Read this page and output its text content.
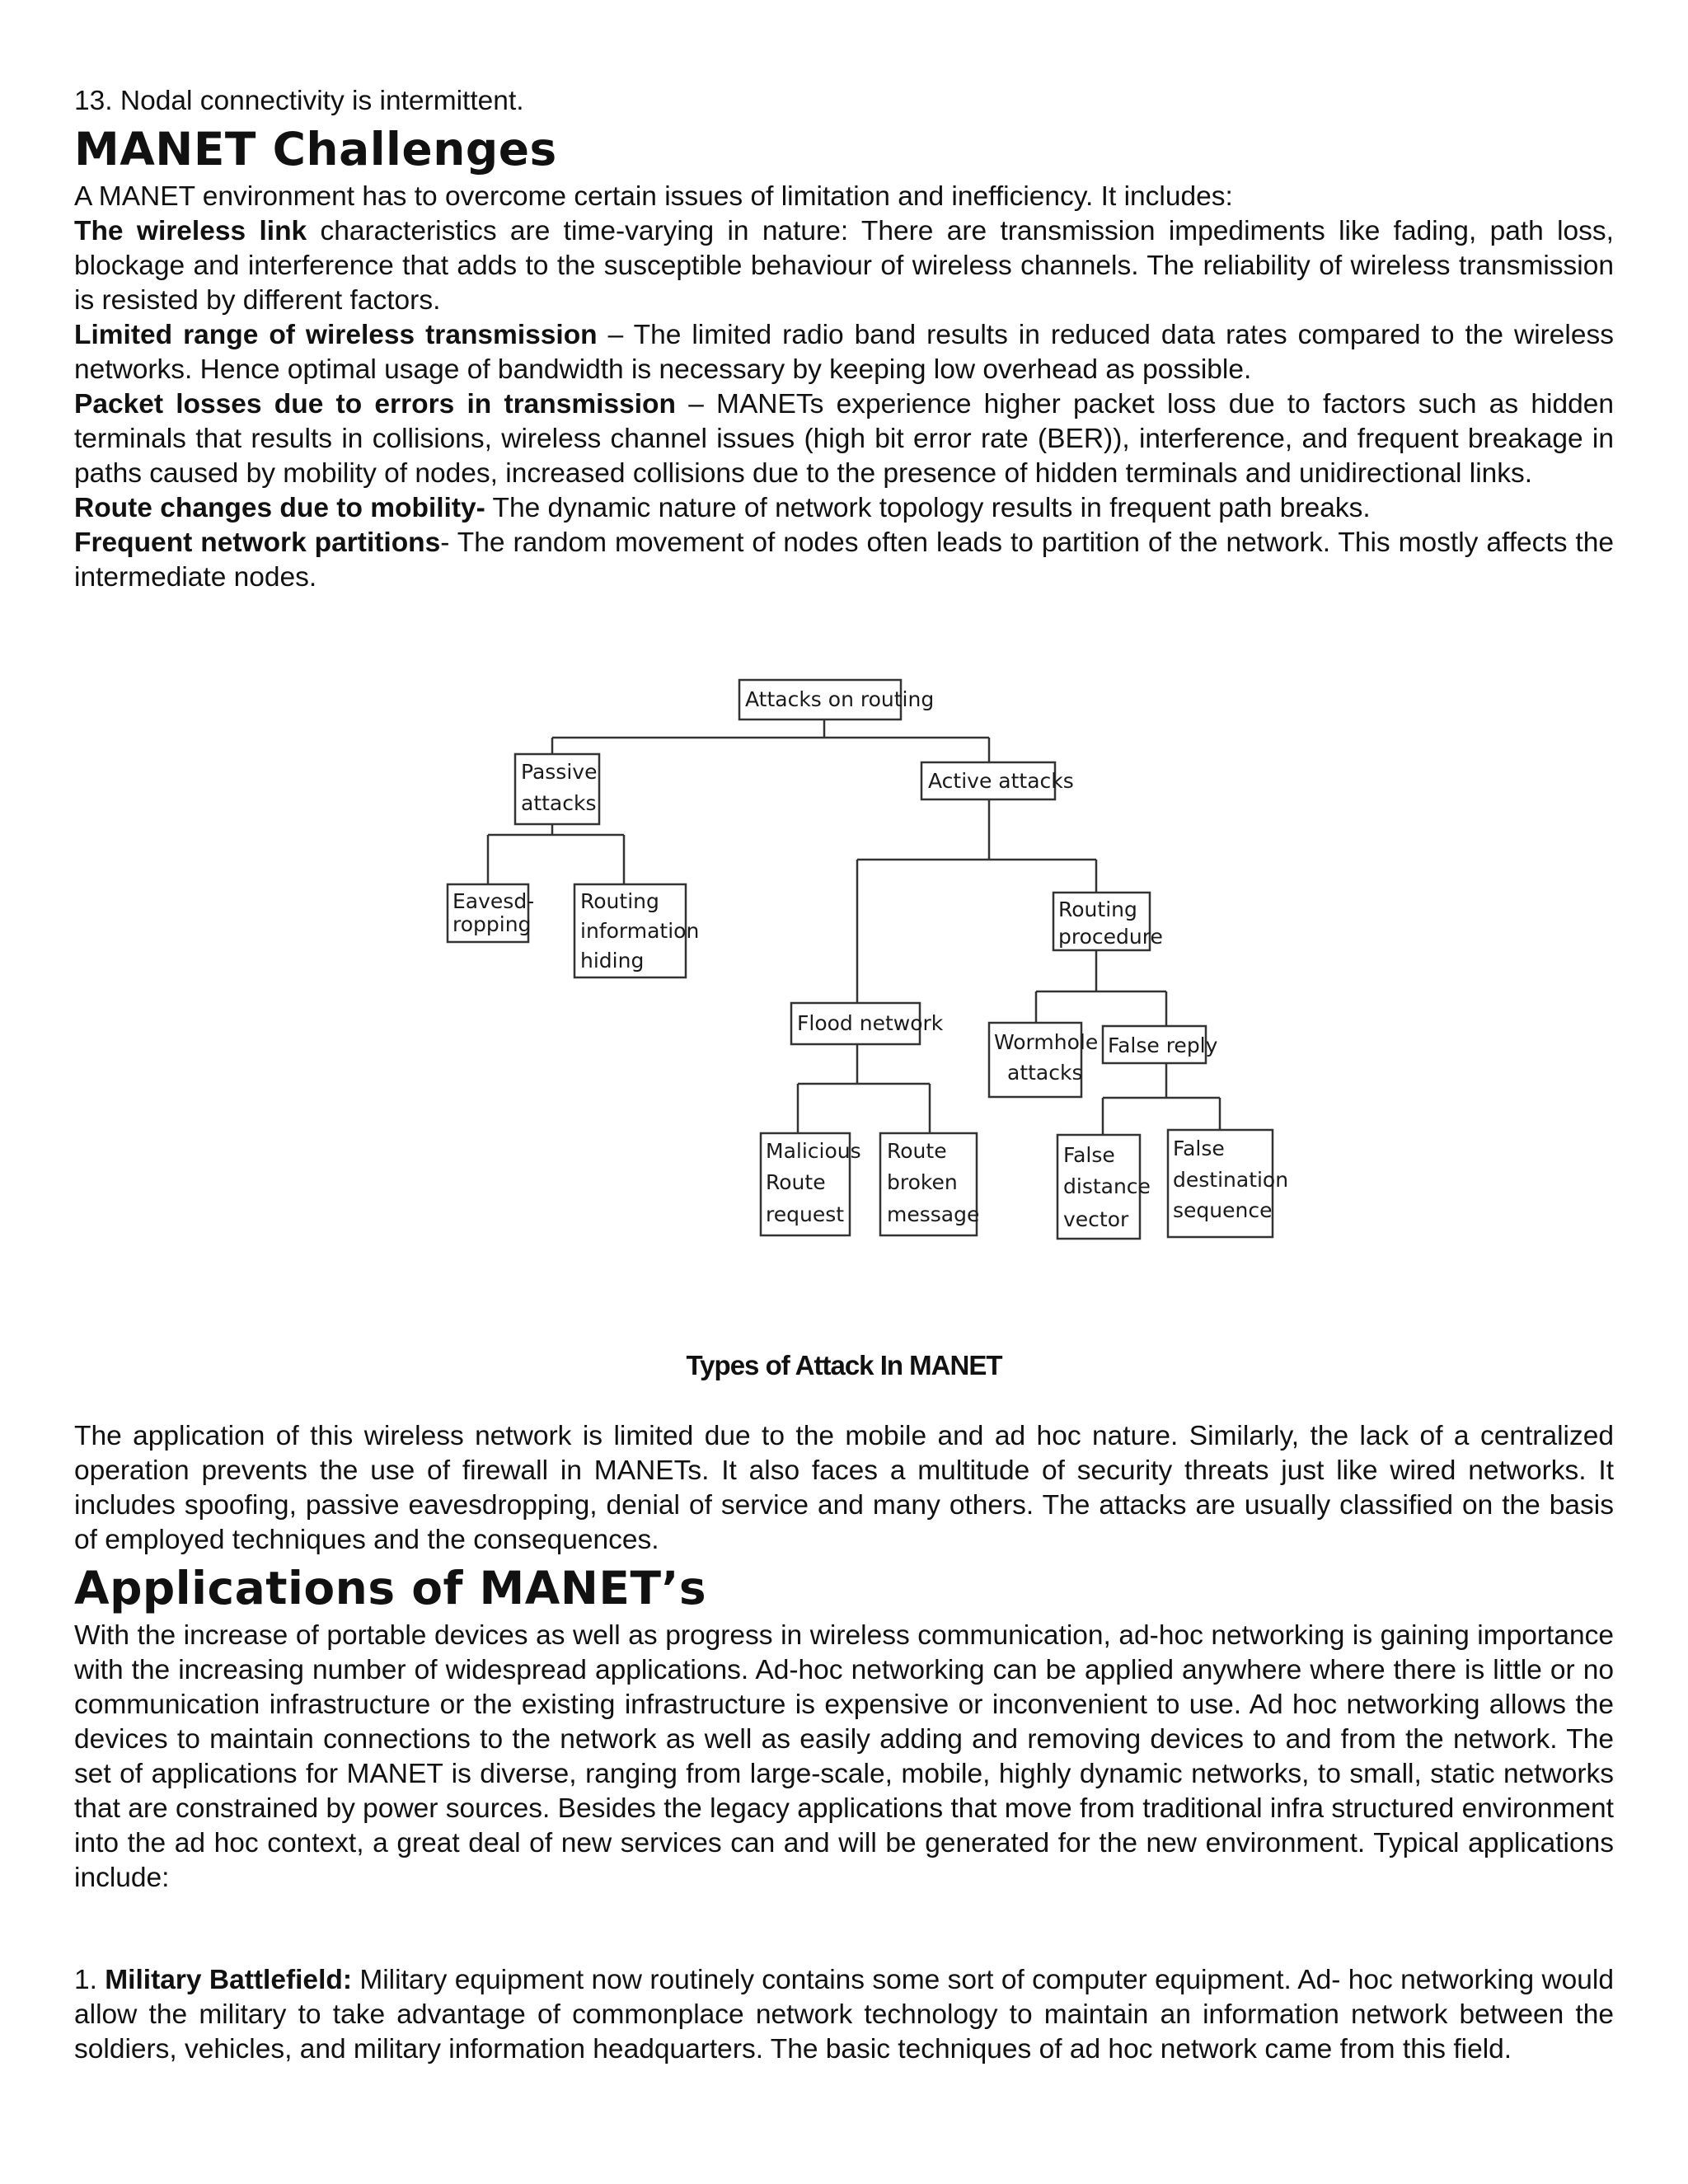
13. Nodal connectivity is intermittent.

MANET Challenges

A MANET environment has to overcome certain issues of limitation and inefficiency. It includes:

The wireless link characteristics are time-varying in nature: There are transmission impediments like fading, path loss, blockage and interference that adds to the susceptible behaviour of wireless channels. The reliability of wireless transmission is resisted by different factors.

Limited range of wireless transmission – The limited radio band results in reduced data rates compared to the wireless networks. Hence optimal usage of bandwidth is necessary by keeping low overhead as possible.

Packet losses due to errors in transmission – MANETs experience higher packet loss due to factors such as hidden terminals that results in collisions, wireless channel issues (high bit error rate (BER)), interference, and frequent breakage in paths caused by mobility of nodes, increased collisions due to the presence of hidden terminals and unidirectional links.

Route changes due to mobility- The dynamic nature of network topology results in frequent path breaks.

Frequent network partitions- The random movement of nodes often leads to partition of the network. This mostly affects the intermediate nodes.

Attacks on routing
Passive
attacks
Active attacks
Eavesd-
ropping
Routing
information
hiding
Routing
procedure
Flood network
Wormhole
attacks
False reply
Malicious
Route
request
Route
broken
message
False
distance
vector
False
destination
sequence
Types of Attack In MANET

The application of this wireless network is limited due to the mobile and ad hoc nature. Similarly, the lack of a centralized operation prevents the use of firewall in MANETs. It also faces a multitude of security threats just like wired networks. It includes spoofing, passive eavesdropping, denial of service and many others. The attacks are usually classified on the basis of employed techniques and the consequences.

Applications of MANET’s

With the increase of portable devices as well as progress in wireless communication, ad-hoc networking is gaining importance with the increasing number of widespread applications. Ad-hoc networking can be applied anywhere where there is little or no communication infrastructure or the existing infrastructure is expensive or inconvenient to use. Ad hoc networking allows the devices to maintain connections to the network as well as easily adding and removing devices to and from the network. The set of applications for MANET is diverse, ranging from large-scale, mobile, highly dynamic networks, to small, static networks that are constrained by power sources. Besides the legacy applications that move from traditional infra structured environment into the ad hoc context, a great deal of new services can and will be generated for the new environment. Typical applications include:

1. Military Battlefield: Military equipment now routinely contains some sort of computer equipment. Ad- hoc networking would allow the military to take advantage of commonplace network technology to maintain an information network between the soldiers, vehicles, and military information headquarters. The basic techniques of ad hoc network came from this field.
